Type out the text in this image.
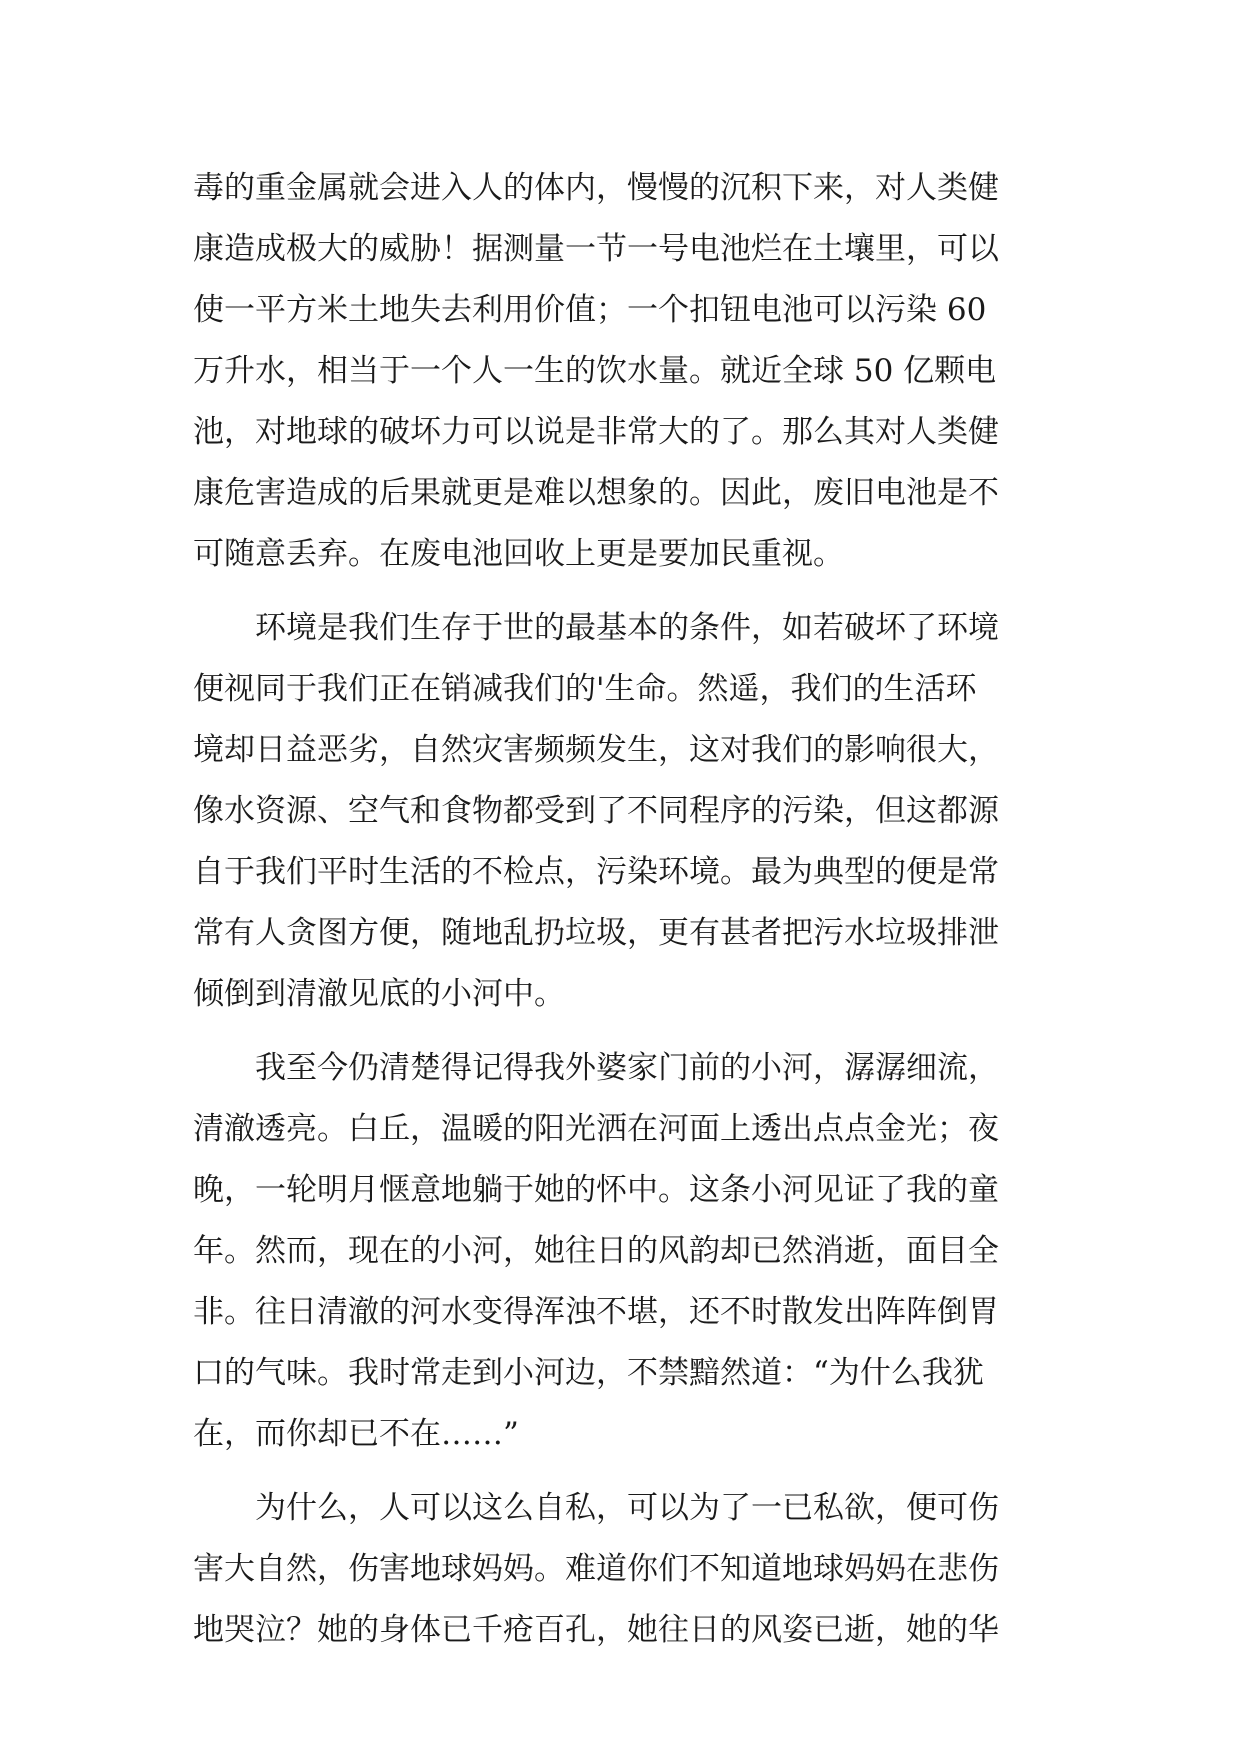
毒的重金属就会进入人的体内，慢慢的沉积下来，对人类健
康造成极大的威胁！据测量一节一号电池烂在土壤里，可以
使一平方米土地失去利用价值；一个扣钮电池可以污染 60
万升水，相当于一个人一生的饮水量。就近全球 50 亿颗电
池，对地球的破坏力可以说是非常大的了。那么其对人类健
康危害造成的后果就更是难以想象的。因此，废旧电池是不
可随意丢弃。在废电池回收上更是要加民重视。
　　环境是我们生存于世的最基本的条件，如若破坏了环境
便视同于我们正在销减我们的'生命。然遥，我们的生活环
境却日益恶劣，自然灾害频频发生，这对我们的影响很大，
像水资源、空气和食物都受到了不同程序的污染，但这都源
自于我们平时生活的不检点，污染环境。最为典型的便是常
常有人贪图方便，随地乱扔垃圾，更有甚者把污水垃圾排泄
倾倒到清澈见底的小河中。
　　我至今仍清楚得记得我外婆家门前的小河，潺潺细流，
清澈透亮。白丘，温暖的阳光洒在河面上透出点点金光；夜
晚，一轮明月惬意地躺于她的怀中。这条小河见证了我的童
年。然而，现在的小河，她往日的风韵却已然消逝，面目全
非。往日清澈的河水变得浑浊不堪，还不时散发出阵阵倒胃
口的气味。我时常走到小河边，不禁黯然道：“为什么我犹
在，而你却已不在……”
　　为什么，人可以这么自私，可以为了一已私欲，便可伤
害大自然，伤害地球妈妈。难道你们不知道地球妈妈在悲伤
地哭泣？她的身体已千疮百孔，她往日的风姿已逝，她的华
